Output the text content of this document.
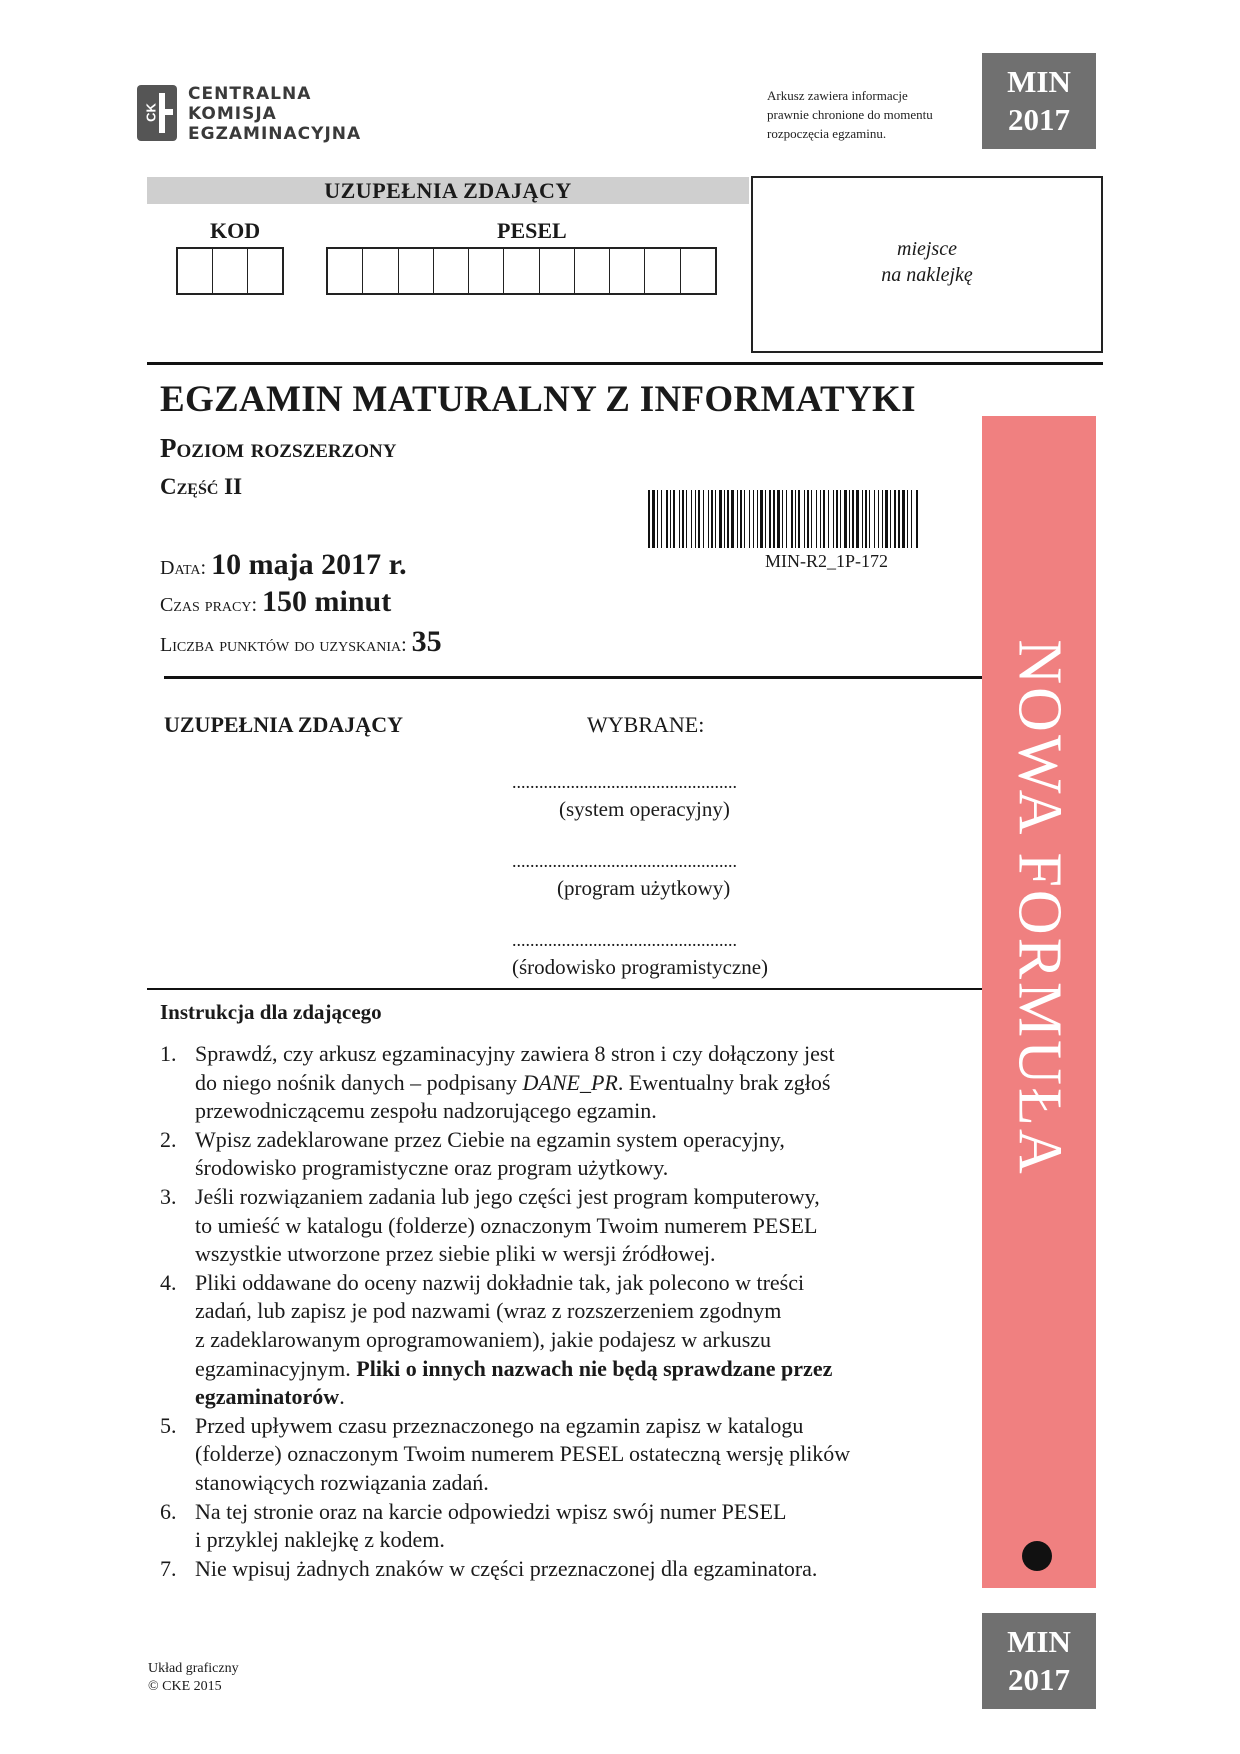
CK
CENTRALNA
KOMISJA
EGZAMINACYJNA
Arkusz zawiera informacje
prawnie chronione do momentu
rozpoczęcia egzaminu.
MIN
2017
UZUPEŁNIA ZDAJĄCY
KOD	PESEL
miejsce
na naklejkę
EGZAMIN MATURALNY Z INFORMATYKI
Poziom rozszerzony
Część II
Data: 10 maja 2017 r.
Czas pracy: 150 minut
Liczba punktów do uzyskania: 35
MIN-R2_1P-172
NOWA FORMUŁA
UZUPEŁNIA ZDAJĄCY	WYBRANE:
..................................................
(system operacyjny)
..................................................
(program użytkowy)
..................................................
(środowisko programistyczne)
Instrukcja dla zdającego
1. Sprawdź, czy arkusz egzaminacyjny zawiera 8 stron i czy dołączony jest
do niego nośnik danych – podpisany DANE_PR. Ewentualny brak zgłoś
przewodniczącemu zespołu nadzorującego egzamin.
2. Wpisz zadeklarowane przez Ciebie na egzamin system operacyjny,
środowisko programistyczne oraz program użytkowy.
3. Jeśli rozwiązaniem zadania lub jego części jest program komputerowy,
to umieść w katalogu (folderze) oznaczonym Twoim numerem PESEL
wszystkie utworzone przez siebie pliki w wersji źródłowej.
4. Pliki oddawane do oceny nazwij dokładnie tak, jak polecono w treści
zadań, lub zapisz je pod nazwami (wraz z rozszerzeniem zgodnym
z zadeklarowanym oprogramowaniem), jakie podajesz w arkuszu
egzaminacyjnym. Pliki o innych nazwach nie będą sprawdzane przez
egzaminatorów.
5. Przed upływem czasu przeznaczonego na egzamin zapisz w katalogu
(folderze) oznaczonym Twoim numerem PESEL ostateczną wersję plików
stanowiących rozwiązania zadań.
6. Na tej stronie oraz na karcie odpowiedzi wpisz swój numer PESEL
i przyklej naklejkę z kodem.
7. Nie wpisuj żadnych znaków w części przeznaczonej dla egzaminatora.
Układ graficzny
© CKE 2015
MIN
2017
